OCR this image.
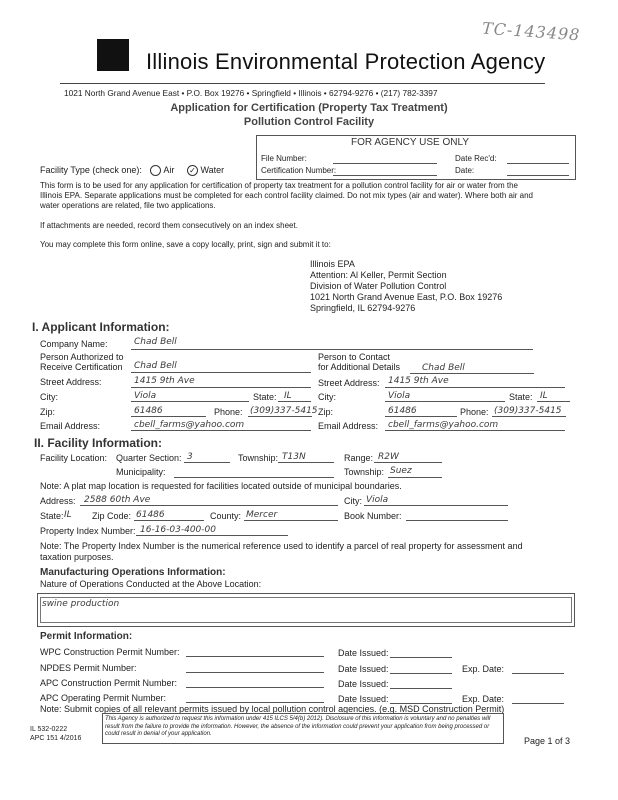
TC-143498
Illinois Environmental Protection Agency
1021 North Grand Avenue East • P.O. Box 19276 • Springfield • Illinois • 62794-9276 • (217) 782-3397
Application for Certification (Property Tax Treatment)
Pollution Control Facility
FOR AGENCY USE ONLY
File Number:	Date Rec'd:
Certification Number:	Date:
Facility Type (check one): Air ✓ Water
This form is to be used for any application for certification of property tax treatment for a pollution control facility for air or water from the
Illinois EPA. Separate applications must be completed for each control facility claimed. Do not mix types (air and water). Where both air and
water operations are related, file two applications.
If attachments are needed, record them consecutively on an index sheet.
You may complete this form online, save a copy locally, print, sign and submit it to:
Illinois EPA
Attention: Al Keller, Permit Section
Division of Water Pollution Control
1021 North Grand Avenue East, P.O. Box 19276
Springfield, IL 62794-9276
I. Applicant Information:
Company Name:	Chad Bell
Person Authorized to
Receive Certification Chad Bell
Person to Contact
for Additional Details Chad Bell
Street Address:	1415 9th Ave	Street Address: 1415 9th Ave
City:	Viola	State: IL	City:	Viola	State: IL
Zip:	61486	Phone: (309)337-5415 Zip:	61486	Phone: (309)337-5415
Email Address:	cbell_farms@yahoo.com	Email Address: cbell_farms@yahoo.com
II. Facility Information:
Facility Location: Quarter Section: 3	Township: T13N	Range: R2W
Municipality:	Township: Suez
Note: A plat map location is requested for facilities located outside of municipal boundaries.
Address: 2588 60th Ave	City: Viola
State: IL Zip Code: 61486	County: Mercer	Book Number:
Property Index Number: 16-16-03-400-00
Note: The Property Index Number is the numerical reference used to identify a parcel of real property for assessment and
taxation purposes.
Manufacturing Operations Information:
Nature of Operations Conducted at the Above Location:
swine production
Permit Information:
WPC Construction Permit Number:	Date Issued:
NPDES Permit Number:	Date Issued:	Exp. Date:
APC Construction Permit Number:	Date Issued:
APC Operating Permit Number:	Date Issued:	Exp. Date:
Note: Submit copies of all relevant permits issued by local pollution control agencies. (e.g. MSD Construction Permit)
IL 532-0222
APC 151 4/2016
This Agency is authorized to request this information under 415 ILCS 5/4(b) 2012). Disclosure of this information is voluntary and no penalties will result from the failure to provide the information. However, the absence of the information could prevent your application from being processed or could result in denial of your application.
Page 1 of 3
